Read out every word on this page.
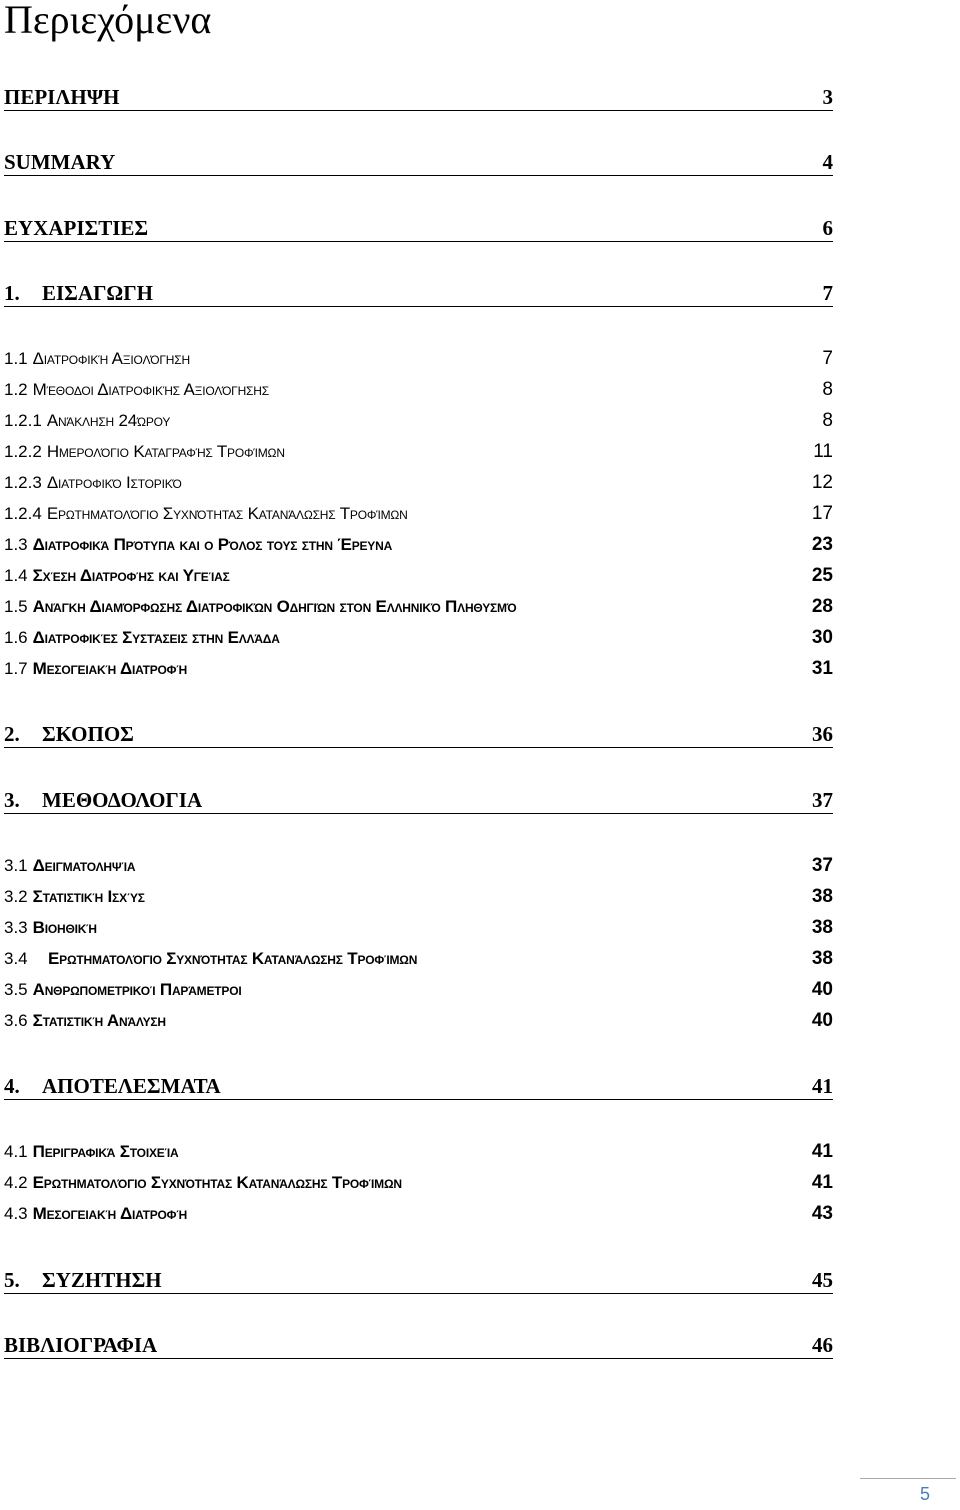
Περιεχόμενα
ΠΕΡΙΛΗΨΗ	3
SUMMARY	4
ΕΥΧΑΡΙΣΤΙΕΣ	6
1.	ΕΙΣΑΓΩΓΗ	7
1.1 Διατροφική Αξιολόγηση	7
1.2 Μέθοδοι Διατροφικής Αξιολόγησης	8
1.2.1 Ανάκληση 24ώρου	8
1.2.2 Ημερολόγιο Καταγραφής Τροφίμων	11
1.2.3 Διατροφικό Ιστορικό	12
1.2.4 Ερωτηματολόγιο Συχνότητας Κατανάλωσης Τροφίμων	17
1.3 Διατροφικά Πρότυπα και ο Ρόλος τους στην Έρευνα	23
1.4 Σχέση Διατροφής και Υγείας	25
1.5 Ανάγκη Διαμόρφωσης Διατροφικών Οδηγιών στον Ελληνικό Πληθυσμό	28
1.6 Διατροφικές Συστάσεις στην Ελλάδα	30
1.7 Μεσογειακή Διατροφή	31
2.	ΣΚΟΠΟΣ	36
3.	ΜΕΘΟΔΟΛΟΓΙΑ	37
3.1 Δειγματοληψία	37
3.2 Στατιστική Ισχύς	38
3.3 Βιοηθική	38
3.4	Ερωτηματολόγιο Συχνότητας Κατανάλωσης Τροφίμων	38
3.5 Ανθρωπομετρικοί Παράμετροι	40
3.6 Στατιστική Ανάλυση	40
4.	ΑΠΟΤΕΛΕΣΜΑΤΑ	41
4.1 Περιγραφικά Στοιχεία	41
4.2 Ερωτηματολόγιο Συχνότητας Κατανάλωσης Τροφίμων	41
4.3 Μεσογειακή Διατροφή	43
5.	ΣΥΖΗΤΗΣΗ	45
ΒΙΒΛΙΟΓΡΑΦΙΑ	46
5
